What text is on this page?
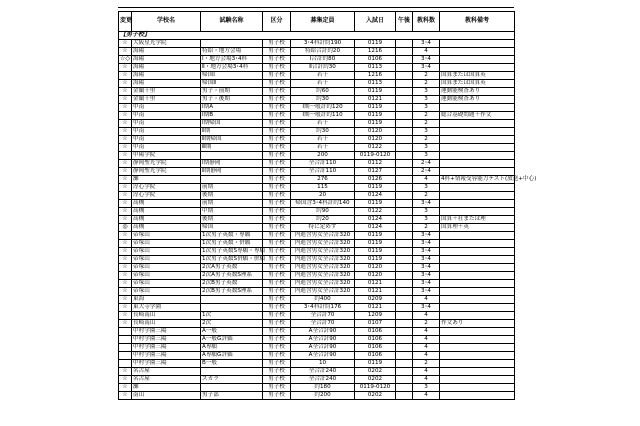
変更	学校名	試験名称	区分	募集定員	入試日	午後	教科数	教科備考
【男子校】								
☆	大阪星光学院		男子校	3･4科計約190	0119		3･4	
☆	海陽	特給・地方会場	男子校	特給合計約20	1216		4	
☆◇	海陽	Ⅰ・地方会場3･4科	男子校	Ⅰ合計約80	0106		3･4	
☆	海陽	Ⅱ・地方会場3･4科	男子校	Ⅱ合計約30	0113		3･4	
☆	海陽	帰国Ⅰ	男子校	若干	1216		2	国算または国算英
☆	海陽	帰国Ⅱ	男子校	若干	0113		2	国算または国算英
☆	金蘭千里	男子・前期	男子校	約60	0119		3	運動能検査あり
☆	金蘭千里	男子・後期	男子校	約30	0121		3	運動能検査あり
☆	甲南	Ⅰ期A	男子校	Ⅰ期一般計約120	0119		3	
☆	甲南	Ⅰ期B	男子校	Ⅰ期一般計約110	0119		2	総合基礎問題＋作文
☆	甲南	Ⅰ期帰国	男子校	若干	0119		2	
☆	甲南	Ⅱ期	男子校	約30	0120		3	
☆	甲南	Ⅱ期帰国	男子校	若干	0120		2	
☆	甲南	Ⅲ期	男子校	若干	0122		3	
☆	甲陽学院		男子校	200	0119-0120		3	
☆	静岡聖光学院	Ⅰ期静岡	男子校	全合計110	0112		2･4	
☆	静岡聖光学院	Ⅱ期静岡	男子校	全合計110	0127		2･4	
☆	灘		男子校	276	0126		4	4科+情報受容能力テスト(放送+中心)
☆	淳心学院	前期	男子校	115	0119		3	
☆	淳心学院	後期	男子校	20	0124		2	
☆	高槻	前期	男子校	帰国含3･4科計約140	0119		3･4	
☆	高槻	中期	男子校	約90	0122		3	
☆	高槻	後期	男子校	約20	0124		3	国算＋社または理
◎	高槻	帰国	男子校	特に定めず	0124		2	国算理＋英
☆	帝塚山	1次男子英数・専願	男子校	内進含男女全合計320	0119		3･4	
☆	帝塚山	1次男子英数・併願	男子校	内進含男女全合計320	0119		3･4	
☆	帝塚山	1次男子英数S専願・専願	男子校	内進含男女全合計320	0119		3･4	
☆	帝塚山	1次男子英数S併願・併願	男子校	内進含男女全合計320	0119		3･4	
☆	帝塚山	2次A男子英数	男子校	内進含男女全合計320	0120		3･4	
☆	帝塚山	2次A男子英数S理系	男子校	内進含男女全合計320	0120		3･4	
☆	帝塚山	2次B男子英数	男子校	内進含男女全合計320	0121		3･4	
☆	帝塚山	2次B男子英数S理系	男子校	内進含男女全合計320	0121		3･4	
☆	東海		男子校	約400	0209		4	
☆	東大寺学園		男子校	3･4科計約176	0121		3･4	
☆	長崎南山	1次	男子校	全合計70	1209		4	
☆	長崎南山	2次	男子校	全合計70	0107		2	作文あり
	中村学園三陽	A一般	男子校	A全合計90	0106		4	
	中村学園三陽	A一般G評価	男子校	A全合計90	0106		4	
	中村学園三陽	A専願	男子校	A全合計90	0106		4	
	中村学園三陽	A専願G評価	男子校	A全合計90	0106		4	
	中村学園三陽	B一般	男子校	10	0119		2	
☆	名古屋		男子校	全合計240	0202		4	
☆	名古屋	スカラ	男子校	全合計240	0202		4	
☆	灘		男子校	約180	0119-0120		3	
☆	南山	男子部	男子校	約200	0202		4	
